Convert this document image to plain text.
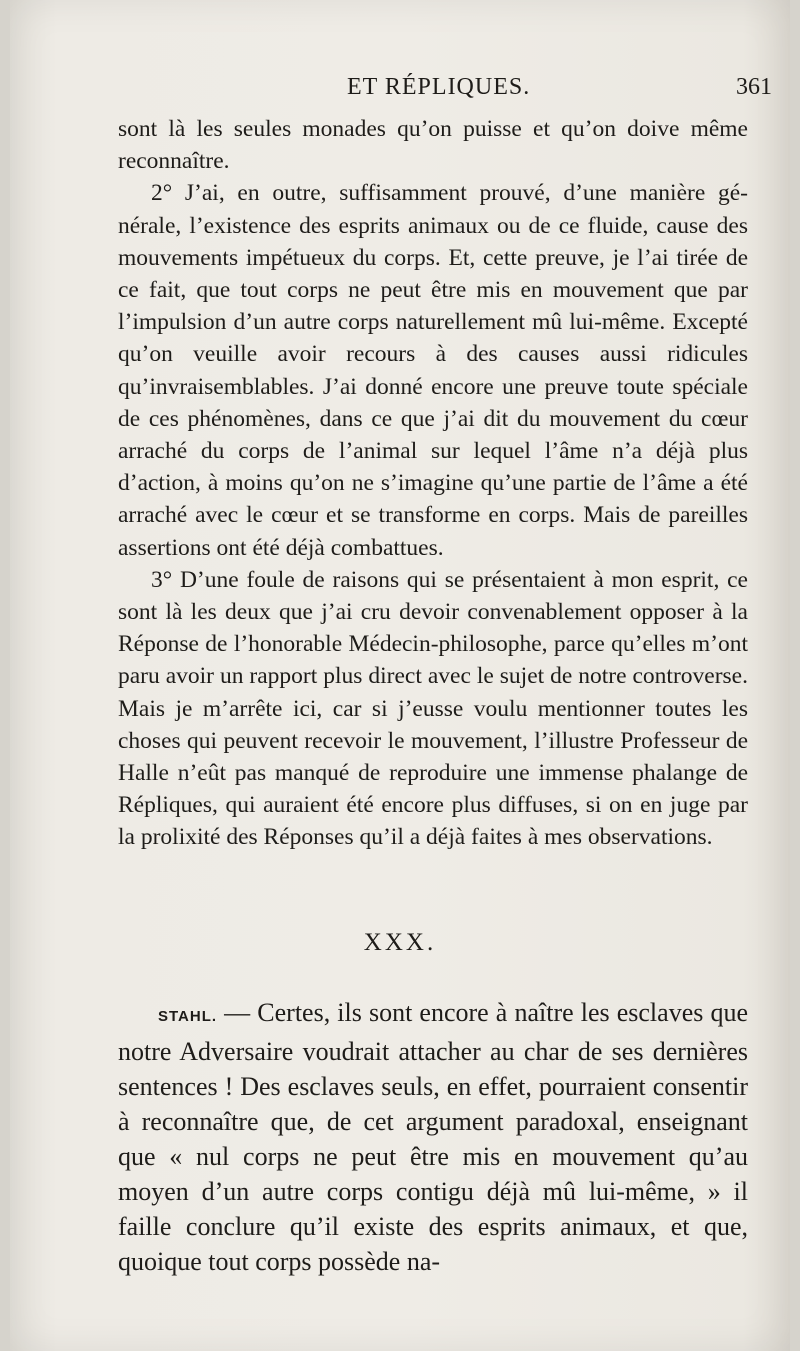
ET RÉPLIQUES.	361

sont là les seules monades qu’on puisse et qu’on doive même reconnaître.

2° J’ai, en outre, suffisamment prouvé, d’une manière générale, l’existence des esprits animaux ou de ce fluide, cause des mouvements impétueux du corps. Et, cette preuve, je l’ai tirée de ce fait, que tout corps ne peut être mis en mouvement que par l’impulsion d’un autre corps naturellement mû lui-même. Excepté qu’on veuille avoir recours à des causes aussi ridicules qu’invraisemblables. J’ai donné encore une preuve toute spéciale de ces phénomènes, dans ce que j’ai dit du mouvement du cœur arraché du corps de l’animal sur lequel l’âme n’a déjà plus d’action, à moins qu’on ne s’imagine qu’une partie de l’âme a été arraché avec le cœur et se transforme en corps. Mais de pareilles assertions ont été déjà combattues.

3° D’une foule de raisons qui se présentaient à mon esprit, ce sont là les deux que j’ai cru devoir convenablement opposer à la Réponse de l’honorable Médecin-philosophe, parce qu’elles m’ont paru avoir un rapport plus direct avec le sujet de notre controverse. Mais je m’arrête ici, car si j’eusse voulu mentionner toutes les choses qui peuvent recevoir le mouvement, l’illustre Professeur de Halle n’eût pas manqué de reproduire une immense phalange de Répliques, qui auraient été encore plus diffuses, si on en juge par la prolixité des Réponses qu’il a déjà faites à mes observations.

XXX.

STAHL. — Certes, ils sont encore à naître les esclaves que notre Adversaire voudrait attacher au char de ses dernières sentences ! Des esclaves seuls, en effet, pourraient consentir à reconnaître que, de cet argument paradoxal, enseignant que « nul corps ne peut être mis en mouvement qu’au moyen d’un autre corps contigu déjà mû lui-même, » il faille conclure qu’il existe des esprits animaux, et que, quoique tout corps possède na-
